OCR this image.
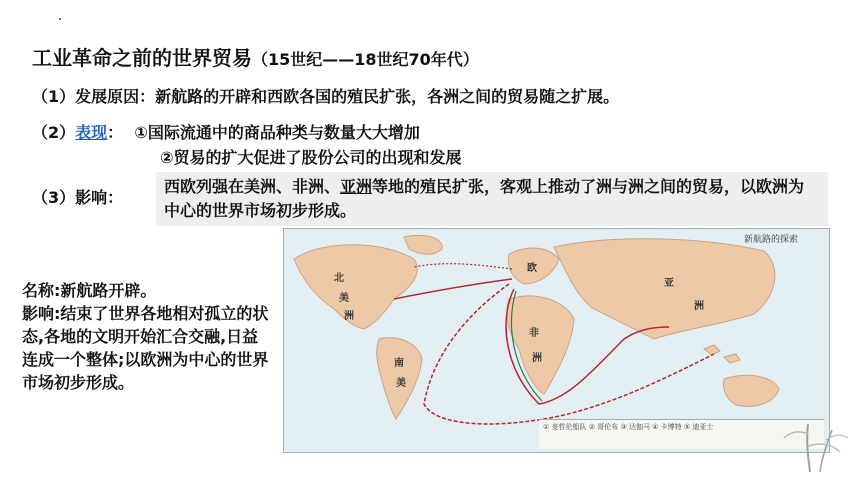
工业革命之前的世界贸易（15世纪——18世纪70年代）
（1）发展原因：新航路的开辟和西欧各国的殖民扩张，各洲之间的贸易随之扩展。
（2）表现： ①国际流通中的商品种类与数量大大增加
②贸易的扩大促进了股份公司的出现和发展
（3）影响：
西欧列强在美洲、非洲、亚洲等地的殖民扩张，客观上推动了洲与洲之间的贸易，以欧洲为中心的世界市场初步形成。
新航路的探索
北
美
洲
南
美
非
洲
亚
洲
欧
① 麦哲伦船队 ② 哥伦布 ③ 达伽马 ④ 卡博特 ⑤ 迪亚士
名称:新航路开辟。
影响:结束了世界各地相对孤立的状态,各地的文明开始汇合交融,日益连成一个整体;以欧洲为中心的世界市场初步形成。
